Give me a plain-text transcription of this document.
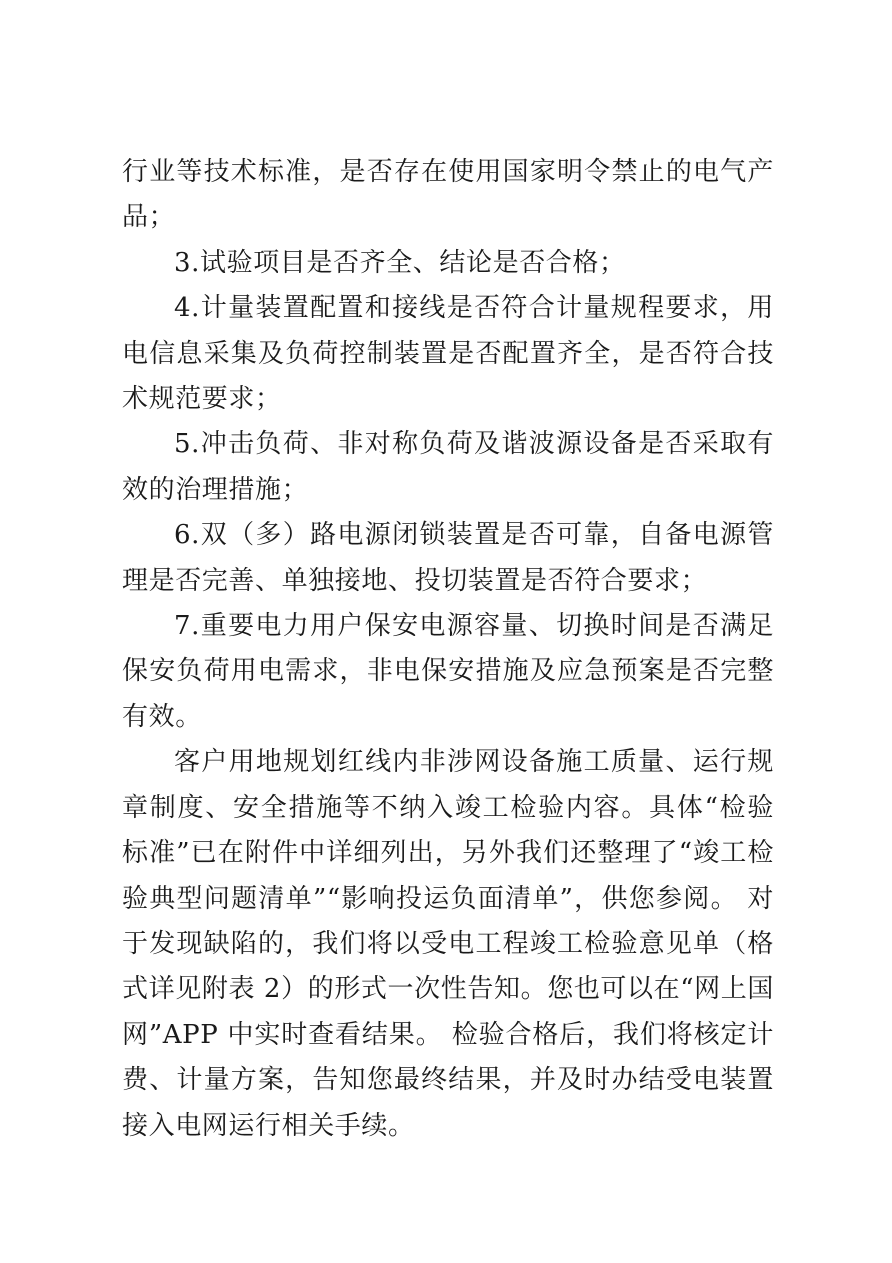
行业等技术标准，是否存在使用国家明令禁止的电气产品；

3.试验项目是否齐全、结论是否合格；

4.计量装置配置和接线是否符合计量规程要求，用电信息采集及负荷控制装置是否配置齐全，是否符合技术规范要求；

5.冲击负荷、非对称负荷及谐波源设备是否采取有效的治理措施；

6.双（多）路电源闭锁装置是否可靠，自备电源管理是否完善、单独接地、投切装置是否符合要求；

7.重要电力用户保安电源容量、切换时间是否满足保安负荷用电需求，非电保安措施及应急预案是否完整有效。

客户用地规划红线内非涉网设备施工质量、运行规章制度、安全措施等不纳入竣工检验内容。具体“检验标准”已在附件中详细列出，另外我们还整理了“竣工检验典型问题清单”“影响投运负面清单”，供您参阅。 对于发现缺陷的，我们将以受电工程竣工检验意见单（格式详见附表 2）的形式一次性告知。您也可以在“网上国网”APP 中实时查看结果。 检验合格后，我们将核定计费、计量方案，告知您最终结果，并及时办结受电装置接入电网运行相关手续。
